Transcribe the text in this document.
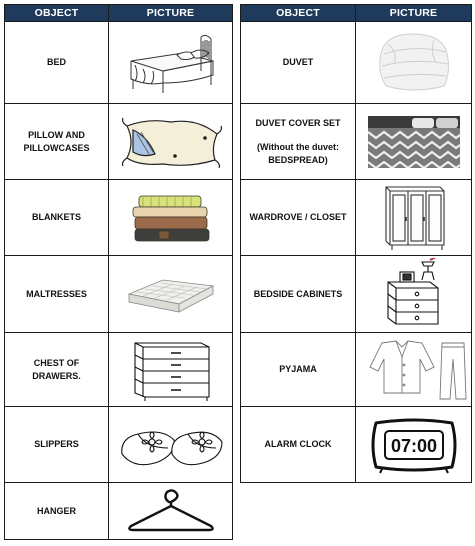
OBJECT	PICTURE
BED	

PILLOW AND
PILLOWCASES	

BLANKETS	

MALTRESSES	

CHEST OF
DRAWERS.	

SLIPPERS	

HANGER	
OBJECT	PICTURE
DUVET	

DUVET COVER SET
(Without the duvet:
BEDSPREAD)	

WARDROVE / CLOSET	

BEDSIDE CABINETS	

PYJAMA	

ALARM CLOCK	07:00
